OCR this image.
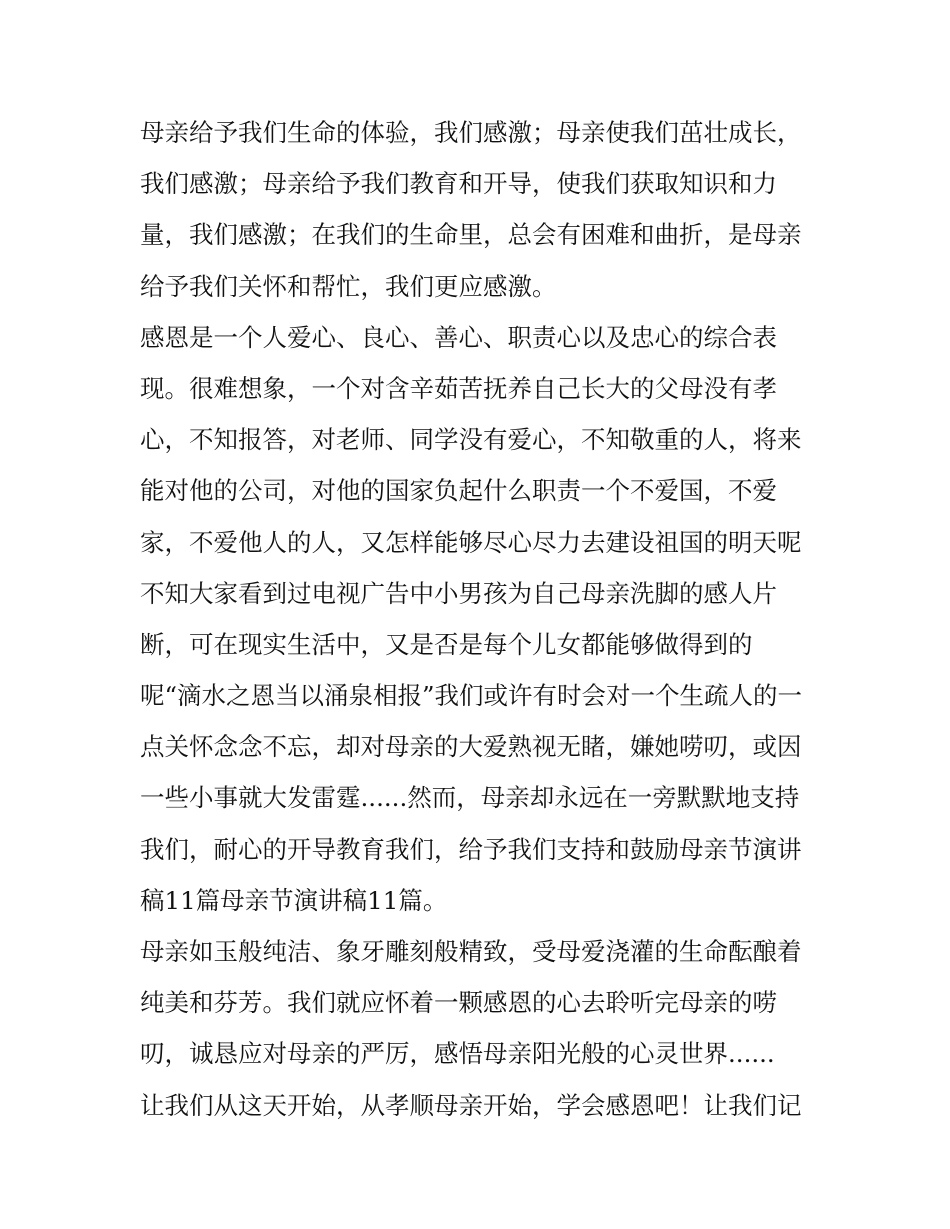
母亲给予我们生命的体验，我们感激；母亲使我们茁壮成长，
我们感激；母亲给予我们教育和开导，使我们获取知识和力
量，我们感激；在我们的生命里，总会有困难和曲折，是母亲
给予我们关怀和帮忙，我们更应感激。
感恩是一个人爱心、良心、善心、职责心以及忠心的综合表
现。很难想象，一个对含辛茹苦抚养自己长大的父母没有孝
心，不知报答，对老师、同学没有爱心，不知敬重的人，将来
能对他的公司，对他的国家负起什么职责一个不爱国，不爱
家，不爱他人的人，又怎样能够尽心尽力去建设祖国的明天呢
不知大家看到过电视广告中小男孩为自己母亲洗脚的感人片
断，可在现实生活中，又是否是每个儿女都能够做得到的
呢“滴水之恩当以涌泉相报”我们或许有时会对一个生疏人的一
点关怀念念不忘，却对母亲的大爱熟视无睹，嫌她唠叨，或因
一些小事就大发雷霆......然而，母亲却永远在一旁默默地支持
我们，耐心的开导教育我们，给予我们支持和鼓励母亲节演讲
稿11篇母亲节演讲稿11篇。
母亲如玉般纯洁、象牙雕刻般精致，受母爱浇灌的生命酝酿着
纯美和芬芳。我们就应怀着一颗感恩的心去聆听完母亲的唠
叨，诚恳应对母亲的严厉，感悟母亲阳光般的心灵世界......
让我们从这天开始，从孝顺母亲开始，学会感恩吧！让我们记
